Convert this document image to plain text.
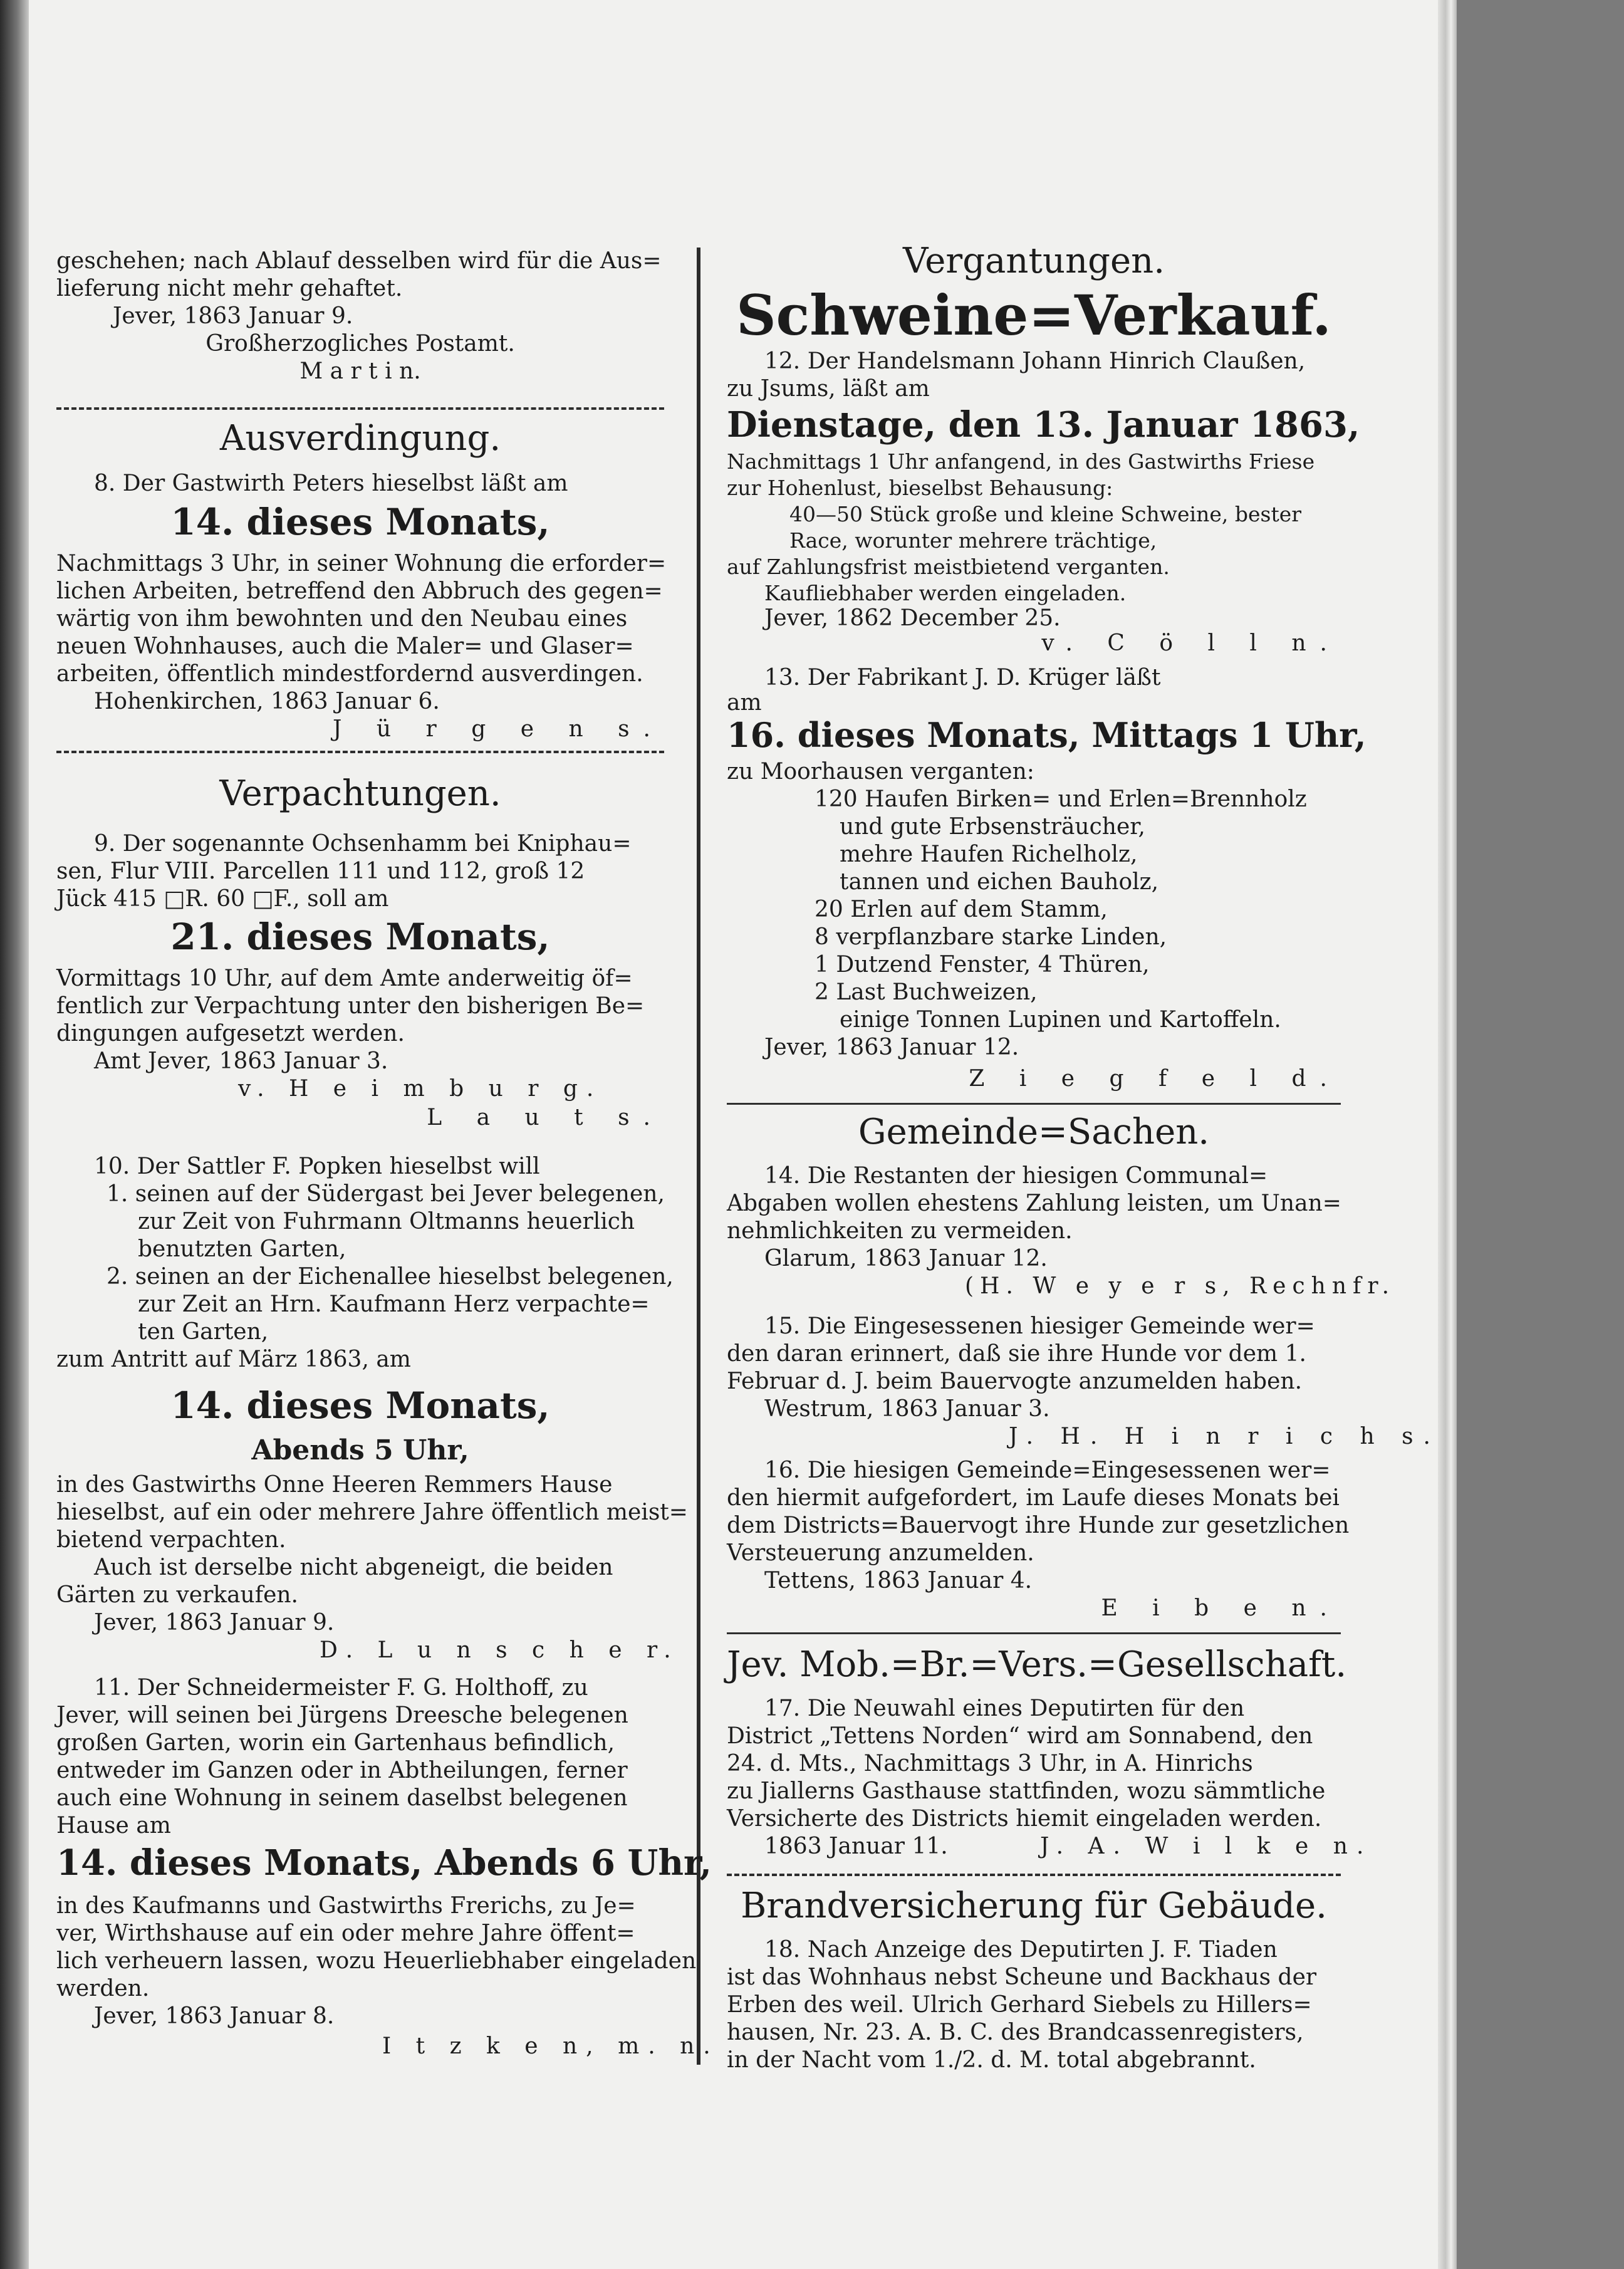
geschehen; nach Ablauf desselben wird für die Aus=
lieferung nicht mehr gehaftet.
Jever, 1863 Januar 9.
Großherzogliches Postamt.
M a r t i n.
Ausverdingung.
8. Der Gastwirth Peters hieselbst läßt am
14. dieses Monats,
Nachmittags 3 Uhr, in seiner Wohnung die erforder=
lichen Arbeiten, betreffend den Abbruch des gegen=
wärtig von ihm bewohnten und den Neubau eines
neuen Wohnhauses, auch die Maler= und Glaser=
arbeiten, öffentlich mindestfordernd ausverdingen.
Hohenkirchen, 1863 Januar 6.
J ü r g e n s.
Verpachtungen.
9. Der sogenannte Ochsenhamm bei Kniphau=
sen, Flur VIII. Parcellen 111 und 112, groß 12
Jück 415 □R. 60 □F., soll am
21. dieses Monats,
Vormittags 10 Uhr, auf dem Amte anderweitig öf=
fentlich zur Verpachtung unter den bisherigen Be=
dingungen aufgesetzt werden.
Amt Jever, 1863 Januar 3.
v. H e i m b u r g.
L a u t s.
10. Der Sattler F. Popken hieselbst will
1. seinen auf der Südergast bei Jever belegenen,
zur Zeit von Fuhrmann Oltmanns heuerlich
benutzten Garten,
2. seinen an der Eichenallee hieselbst belegenen,
zur Zeit an Hrn. Kaufmann Herz verpachte=
ten Garten,
zum Antritt auf März 1863, am
14. dieses Monats,
Abends 5 Uhr,
in des Gastwirths Onne Heeren Remmers Hause
hieselbst, auf ein oder mehrere Jahre öffentlich meist=
bietend verpachten.
Auch ist derselbe nicht abgeneigt, die beiden
Gärten zu verkaufen.
Jever, 1863 Januar 9.
D. L u n s c h e r.
11. Der Schneidermeister F. G. Holthoff, zu
Jever, will seinen bei Jürgens Dreesche belegenen
großen Garten, worin ein Gartenhaus befindlich,
entweder im Ganzen oder in Abtheilungen, ferner
auch eine Wohnung in seinem daselbst belegenen
Hause am
14. dieses Monats, Abends 6 Uhr,
in des Kaufmanns und Gastwirths Frerichs, zu Je=
ver, Wirthshause auf ein oder mehre Jahre öffent=
lich verheuern lassen, wozu Heuerliebhaber eingeladen
werden.
Jever, 1863 Januar 8.
I t z k e n, m. n.
Vergantungen.
Schweine=Verkauf.
12. Der Handelsmann Johann Hinrich Claußen,
zu Jsums, läßt am
Dienstage, den 13. Januar 1863,
Nachmittags 1 Uhr anfangend, in des Gastwirths Friese
zur Hohenlust, bieselbst Behausung:
40—50 Stück große und kleine Schweine, bester
Race, worunter mehrere trächtige,
auf Zahlungsfrist meistbietend verganten.
Kaufliebhaber werden eingeladen.
Jever, 1862 December 25.
v. C ö l l n.
13. Der Fabrikant J. D. Krüger läßt
am
16. dieses Monats, Mittags 1 Uhr,
zu Moorhausen verganten:
120 Haufen Birken= und Erlen=Brennholz
und gute Erbsensträucher,
mehre Haufen Richelholz,
tannen und eichen Bauholz,
20 Erlen auf dem Stamm,
8 verpflanzbare starke Linden,
1 Dutzend Fenster, 4 Thüren,
2 Last Buchweizen,
einige Tonnen Lupinen und Kartoffeln.
Jever, 1863 Januar 12.
Z i e g f e l d.
Gemeinde=Sachen.
14. Die Restanten der hiesigen Communal=
Abgaben wollen ehestens Zahlung leisten, um Unan=
nehmlichkeiten zu vermeiden.
Glarum, 1863 Januar 12.
(H. W e y e r s, Rechnfr.
15. Die Eingesessenen hiesiger Gemeinde wer=
den daran erinnert, daß sie ihre Hunde vor dem 1.
Februar d. J. beim Bauervogte anzumelden haben.
Westrum, 1863 Januar 3.
J. H. H i n r i c h s.
16. Die hiesigen Gemeinde=Eingesessenen wer=
den hiermit aufgefordert, im Laufe dieses Monats bei
dem Districts=Bauervogt ihre Hunde zur gesetzlichen
Versteuerung anzumelden.
Tettens, 1863 Januar 4.
E i b e n.
Jev. Mob.=Br.=Vers.=Gesellschaft.
17. Die Neuwahl eines Deputirten für den
District „Tettens Norden“ wird am Sonnabend, den
24. d. Mts., Nachmittags 3 Uhr, in A. Hinrichs
zu Jiallerns Gasthause stattfinden, wozu sämmtliche
Versicherte des Districts hiemit eingeladen werden.
1863 Januar 11.	J. A. W i l k e n.
Brandversicherung für Gebäude.
18. Nach Anzeige des Deputirten J. F. Tiaden
ist das Wohnhaus nebst Scheune und Backhaus der
Erben des weil. Ulrich Gerhard Siebels zu Hillers=
hausen, Nr. 23. A. B. C. des Brandcassenregisters,
in der Nacht vom 1./2. d. M. total abgebrannt.
